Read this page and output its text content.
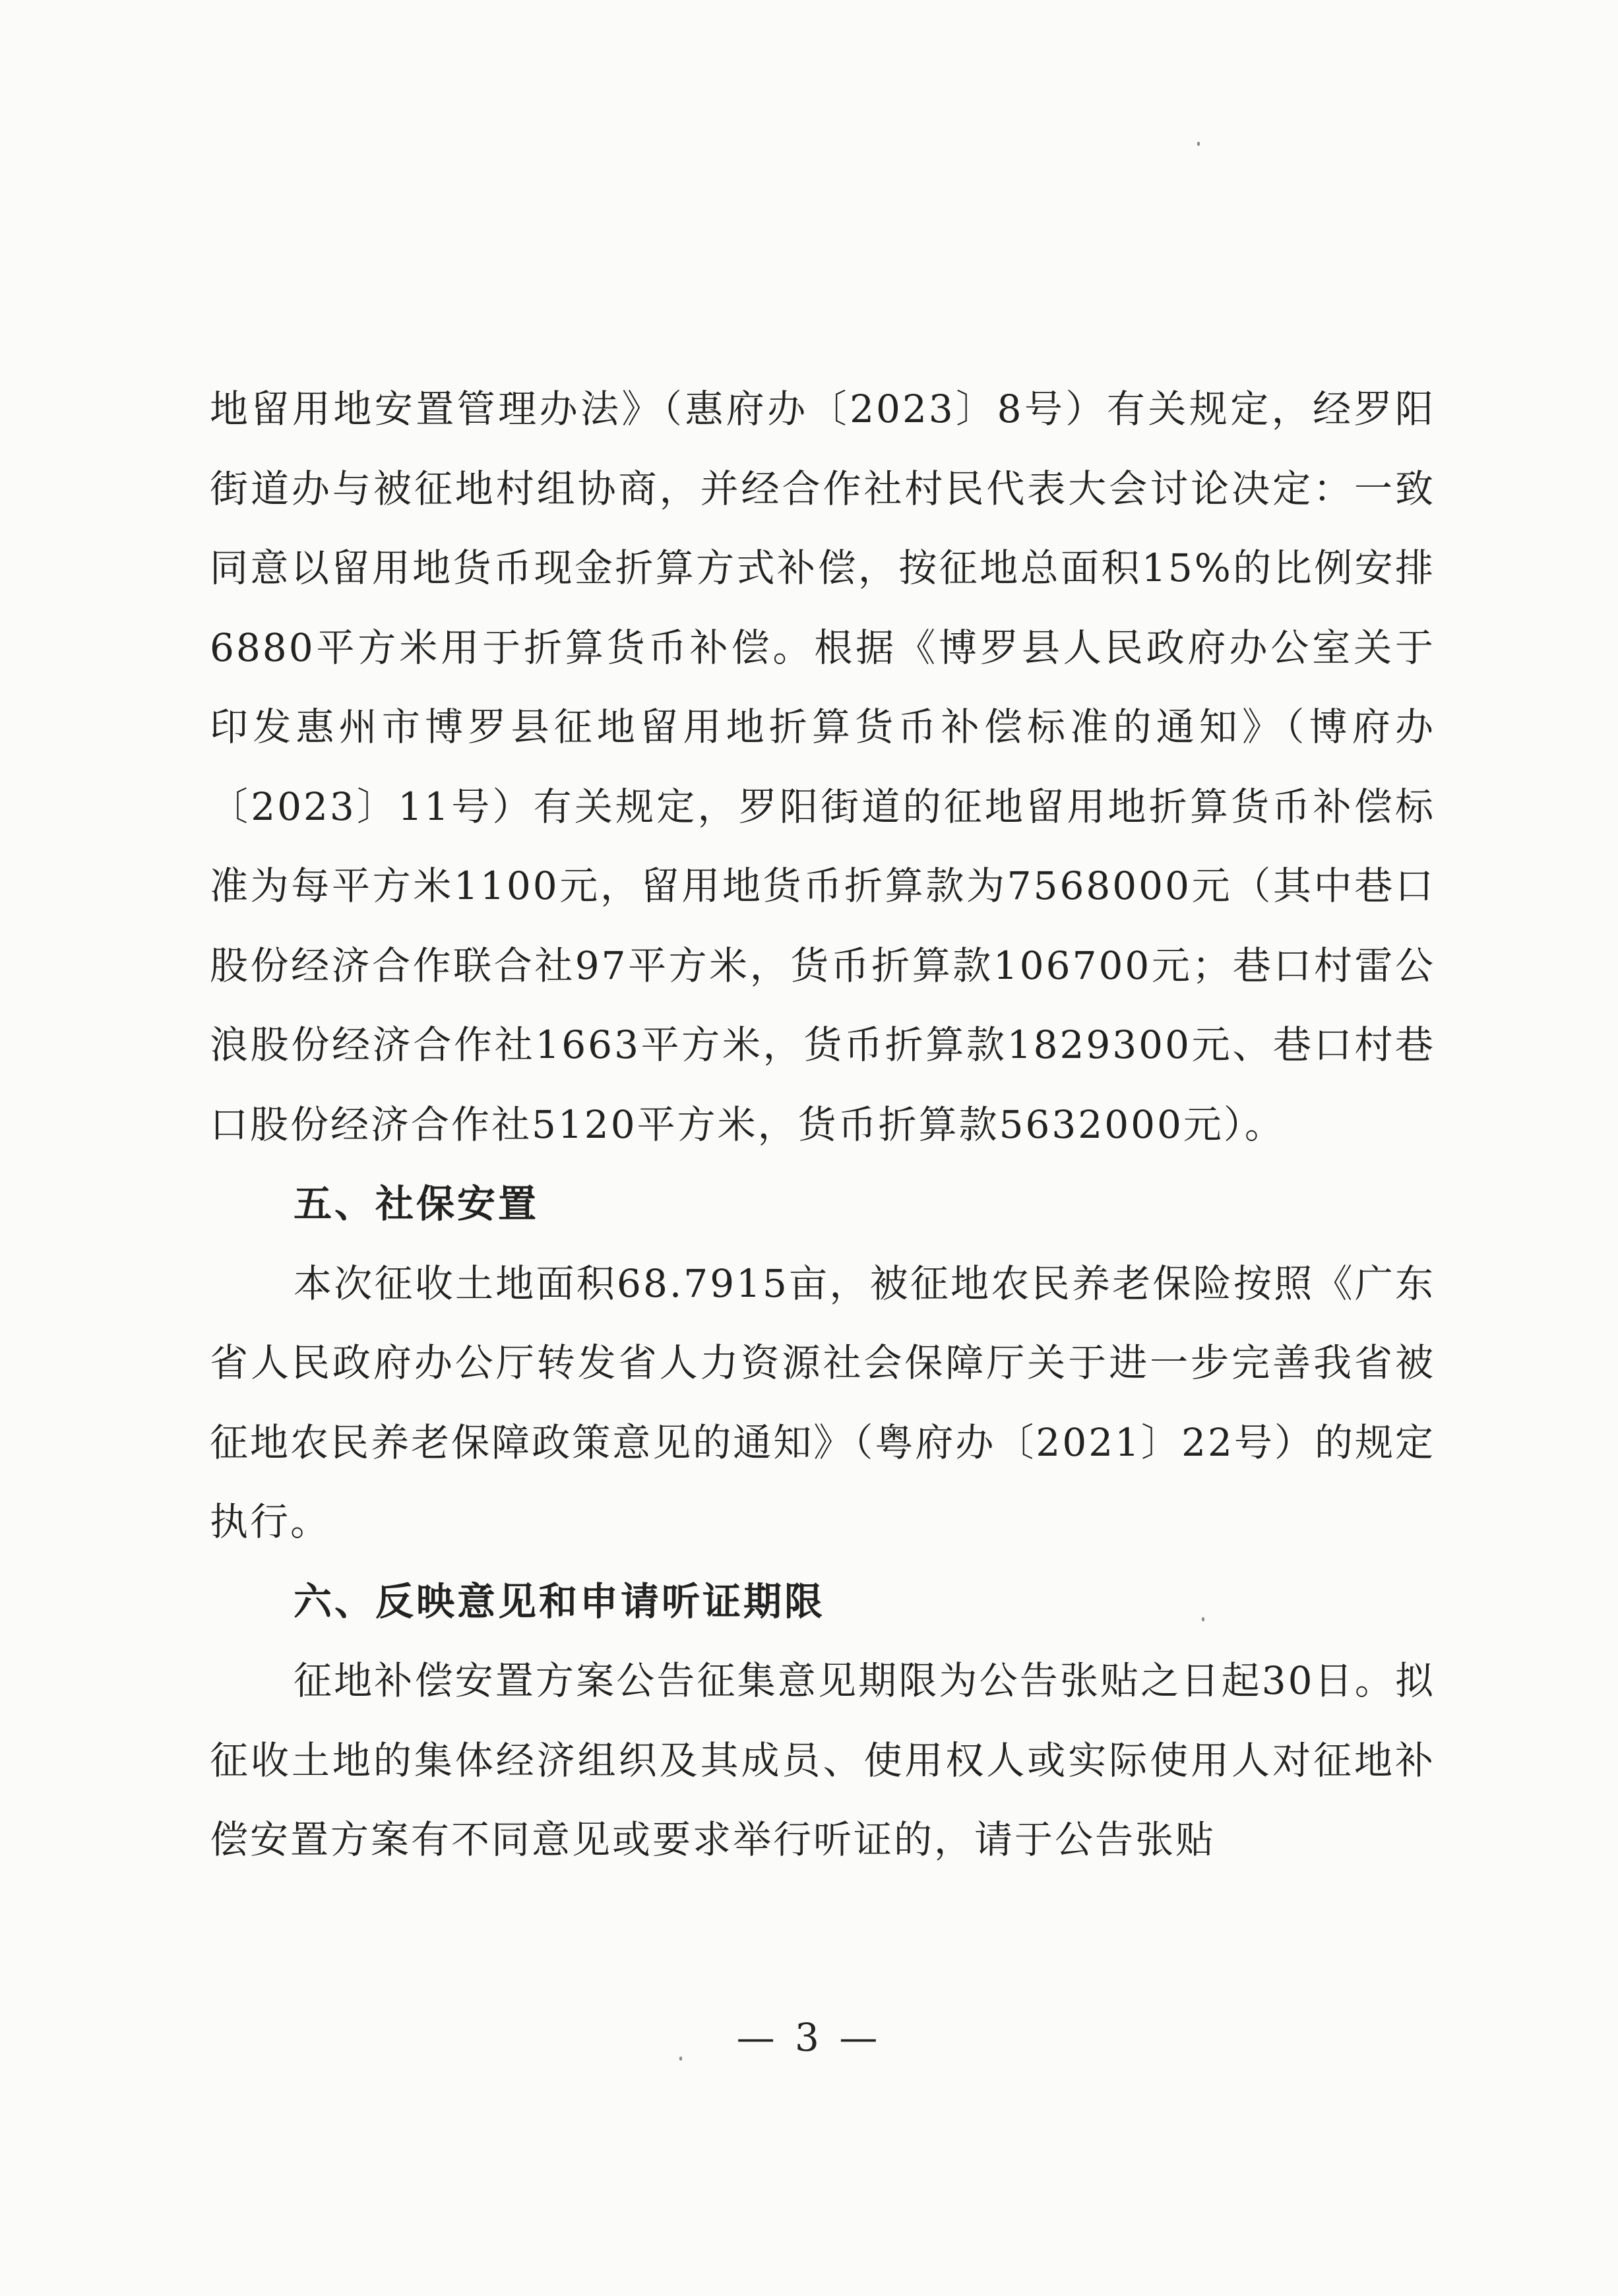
地留用地安置管理办法》（惠府办〔2023〕8号）有关规定，经罗阳街道办与被征地村组协商，并经合作社村民代表大会讨论决定：一致同意以留用地货币现金折算方式补偿，按征地总面积15%的比例安排6880平方米用于折算货币补偿。根据《博罗县人民政府办公室关于印发惠州市博罗县征地留用地折算货币补偿标准的通知》（博府办〔2023〕11号）有关规定，罗阳街道的征地留用地折算货币补偿标准为每平方米1100元，留用地货币折算款为7568000元（其中巷口股份经济合作联合社97平方米，货币折算款106700元；巷口村雷公浪股份经济合作社1663平方米，货币折算款1829300元、巷口村巷口股份经济合作社5120平方米，货币折算款5632000元）。

五、社保安置

本次征收土地面积68.7915亩，被征地农民养老保险按照《广东省人民政府办公厅转发省人力资源社会保障厅关于进一步完善我省被征地农民养老保障政策意见的通知》（粤府办〔2021〕22号）的规定执行。

六、反映意见和申请听证期限

征地补偿安置方案公告征集意见期限为公告张贴之日起30日。拟征收土地的集体经济组织及其成员、使用权人或实际使用人对征地补偿安置方案有不同意见或要求举行听证的，请于公告张贴

— 3 —
